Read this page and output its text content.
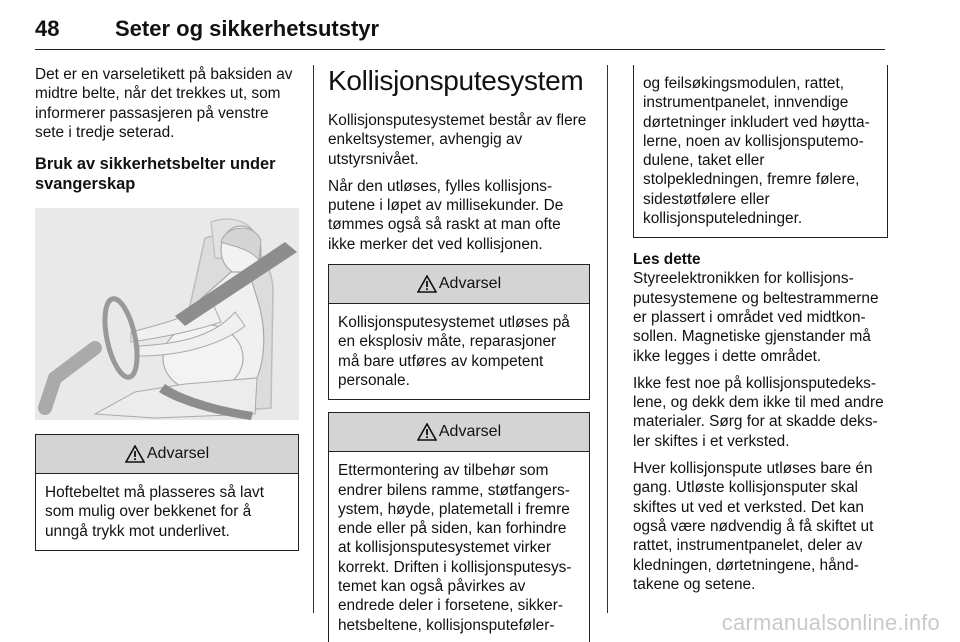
48	Seter og sikkerhetsutstyr

Det er en varseletikett på baksiden av midtre belte, når det trekkes ut, som informerer passasjeren på venstre sete i tredje seterad.

Bruk av sikkerhetsbelter under svangerskap

Advarsel
Hoftebeltet må plasseres så lavt som mulig over bekkenet for å unngå trykk mot underlivet.
Kollisjonsputesystem

Kollisjonsputesystemet består av flere enkeltsystemer, avhengig av utstyrsnivået.

Når den utløses, fylles kollisjonsputene i løpet av millisekunder. De tømmes også så raskt at man ofte ikke merker det ved kollisjonen.

Advarsel
Kollisjonsputesystemet utløses på en eksplosiv måte, reparasjoner må bare utføres av kompetent personale.
Advarsel
Ettermontering av tilbehør som endrer bilens ramme, støtfangersystem, høyde, platemetall i fremre ende eller på siden, kan forhindre at kollisjonsputesystemet virker korrekt. Driften i kollisjonsputesystemet kan også påvirkes av endrede deler i forsetene, sikkerhetsbeltene, kollisjonsputeføler-
og feilsøkingsmodulen, rattet, instrumentpanelet, innvendige dørtetninger inkludert ved høyttalerne, noen av kollisjonsputemodulene, taket eller stolpekledningen, fremre følere, sidestøtfølere eller kollisjonsputeledninger.
Les dette
Styreelektronikken for kollisjonsputesystemene og beltestrammerne er plassert i området ved midtkonsollen. Magnetiske gjenstander må ikke legges i dette området.

Ikke fest noe på kollisjonsputedekslene, og dekk dem ikke til med andre materialer. Sørg for at skadde deksler skiftes i et verksted.

Hver kollisjonspute utløses bare én gang. Utløste kollisjonsputer skal skiftes ut ved et verksted. Det kan også være nødvendig å få skiftet ut rattet, instrumentpanelet, deler av kledningen, dørtetningene, håndtakene og setene.

carmanualsonline.info
